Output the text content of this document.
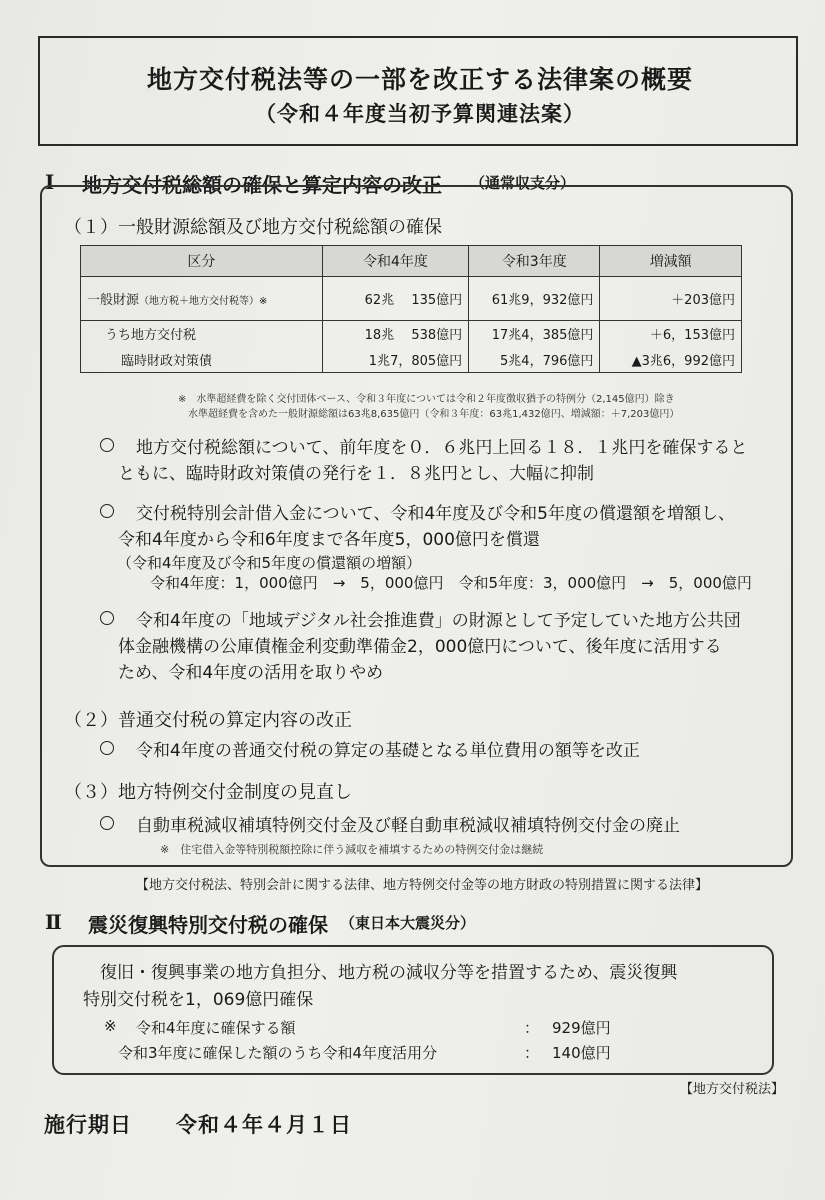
地方交付税法等の一部を改正する法律案の概要
（令和４年度当初予算関連法案）
Ⅰ 地方交付税総額の確保と算定内容の改正 （通常収支分）
（１）一般財源総額及び地方交付税総額の確保
区分	令和4年度	令和3年度	増減額
一般財源（地方税＋地方交付税等）※	62兆　 135億円	61兆9，932億円	＋203億円
うち地方交付税	18兆　 538億円	17兆4，385億円	＋6，153億円
臨時財政対策債	1兆7，805億円	5兆4，796億円	▲3兆6，992億円
※　水準超経費を除く交付団体ベース、令和３年度については令和２年度徴収猶予の特例分（2,145億円）除き
水準超経費を含めた一般財源総額は63兆8,635億円（令和３年度：63兆1,432億円、増減額：＋7,203億円）
地方交付税総額について、前年度を０．６兆円上回る１８．１兆円を確保すると
ともに、臨時財政対策債の発行を１．８兆円とし、大幅に抑制
交付税特別会計借入金について、令和4年度及び令和5年度の償還額を増額し、
令和4年度から令和6年度まで各年度5，000億円を償還
（令和4年度及び令和5年度の償還額の増額）
令和4年度：1，000億円　→　5，000億円　令和5年度：3，000億円　→　5，000億円
令和4年度の「地域デジタル社会推進費」の財源として予定していた地方公共団
体金融機構の公庫債権金利変動準備金2，000億円について、後年度に活用する
ため、令和4年度の活用を取りやめ
（２）普通交付税の算定内容の改正
令和4年度の普通交付税の算定の基礎となる単位費用の額等を改正
（３）地方特例交付金制度の見直し
自動車税減収補填特例交付金及び軽自動車税減収補填特例交付金の廃止
※　住宅借入金等特別税額控除に伴う減収を補填するための特例交付金は継続
【地方交付税法、特別会計に関する法律、地方特例交付金等の地方財政の特別措置に関する法律】
Ⅱ 震災復興特別交付税の確保 （東日本大震災分）
復旧・復興事業の地方負担分、地方税の減収分等を措置するため、震災復興
特別交付税を1，069億円確保
※ 令和4年度に確保する額	： 929億円
令和3年度に確保した額のうち令和4年度活用分	： 140億円
【地方交付税法】
施行期日 令和４年４月１日
